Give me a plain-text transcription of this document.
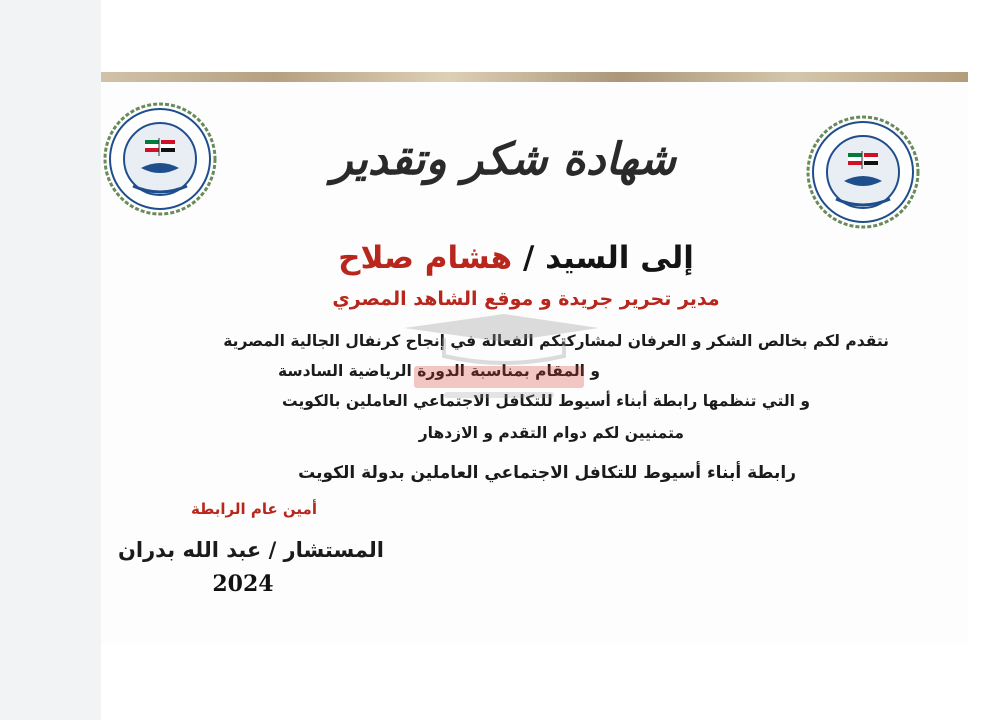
شهادة شكر وتقدير
إلى السيد / هشام صلاح
مدير تحرير جريدة و موقع الشاهد المصري
نتقدم لكم بخالص الشكر و العرفان لمشاركتكم الفعالة في إنجاح كرنفال الجالية المصرية
و المقام بمناسبة الدورة الرياضية السادسة
و التي تنظمها رابطة أبناء أسيوط للتكافل الاجتماعي العاملين بالكويت
متمنيين لكم دوام التقدم و الازدهار
رابطة أبناء أسيوط للتكافل الاجتماعي العاملين بدولة الكويت
أمين عام الرابطة
المستشار / عبد الله بدران
2024
